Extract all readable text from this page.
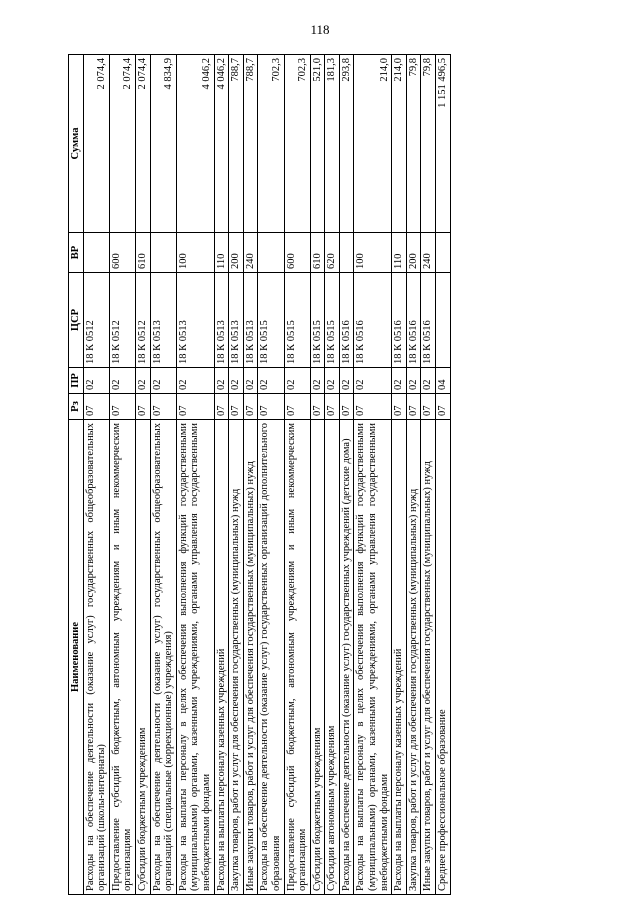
118
Наименование	Рз	ПР	ЦСР	ВР	Сумма
Расходы на обеспечение деятельности (оказание услуг) государственных общеобразовательных организаций (школы-интернаты)	07	02	18 К 0512		2 074,4
Предоставление субсидий бюджетным, автономным учреждениям и иным некоммерческим организациям	07	02	18 К 0512	600	2 074,4
Субсидии бюджетным учреждениям	07	02	18 К 0512	610	2 074,4
Расходы на обеспечение деятельности (оказание услуг) государственных общеобразовательных организаций (специальные (коррекционные) учреждения)	07	02	18 К 0513		4 834,9
Расходы на выплаты персоналу в целях обеспечения выполнения функций государственными (муниципальными) органами, казенными учреждениями, органами управления государственными внебюджетными фондами	07	02	18 К 0513	100	4 046,2
Расходы на выплаты персоналу казенных учреждений	07	02	18 К 0513	110	4 046,2
Закупка товаров, работ и услуг для обеспечения государственных (муниципальных) нужд	07	02	18 К 0513	200	788,7
Иные закупки товаров, работ и услуг для обеспечения государственных (муниципальных) нужд	07	02	18 К 0513	240	788,7
Расходы на обеспечение деятельности (оказание услуг) государственных организаций дополнительного образования	07	02	18 К 0515		702,3
Предоставление субсидий бюджетным, автономным учреждениям и иным некоммерческим организациям	07	02	18 К 0515	600	702,3
Субсидии бюджетным учреждениям	07	02	18 К 0515	610	521,0
Субсидии автономным учреждениям	07	02	18 К 0515	620	181,3
Расходы на обеспечение деятельности (оказание услуг) государственных учреждений (детские дома)	07	02	18 К 0516		293,8
Расходы на выплаты персоналу в целях обеспечения выполнения функций государственными (муниципальными) органами, казенными учреждениями, органами управления государственными внебюджетными фондами	07	02	18 К 0516	100	214,0
Расходы на выплаты персоналу казенных учреждений	07	02	18 К 0516	110	214,0
Закупка товаров, работ и услуг для обеспечения государственных (муниципальных) нужд	07	02	18 К 0516	200	79,8
Иные закупки товаров, работ и услуг для обеспечения государственных (муниципальных) нужд	07	02	18 К 0516	240	79,8
Среднее профессиональное образование	07	04			1 151 496,5
